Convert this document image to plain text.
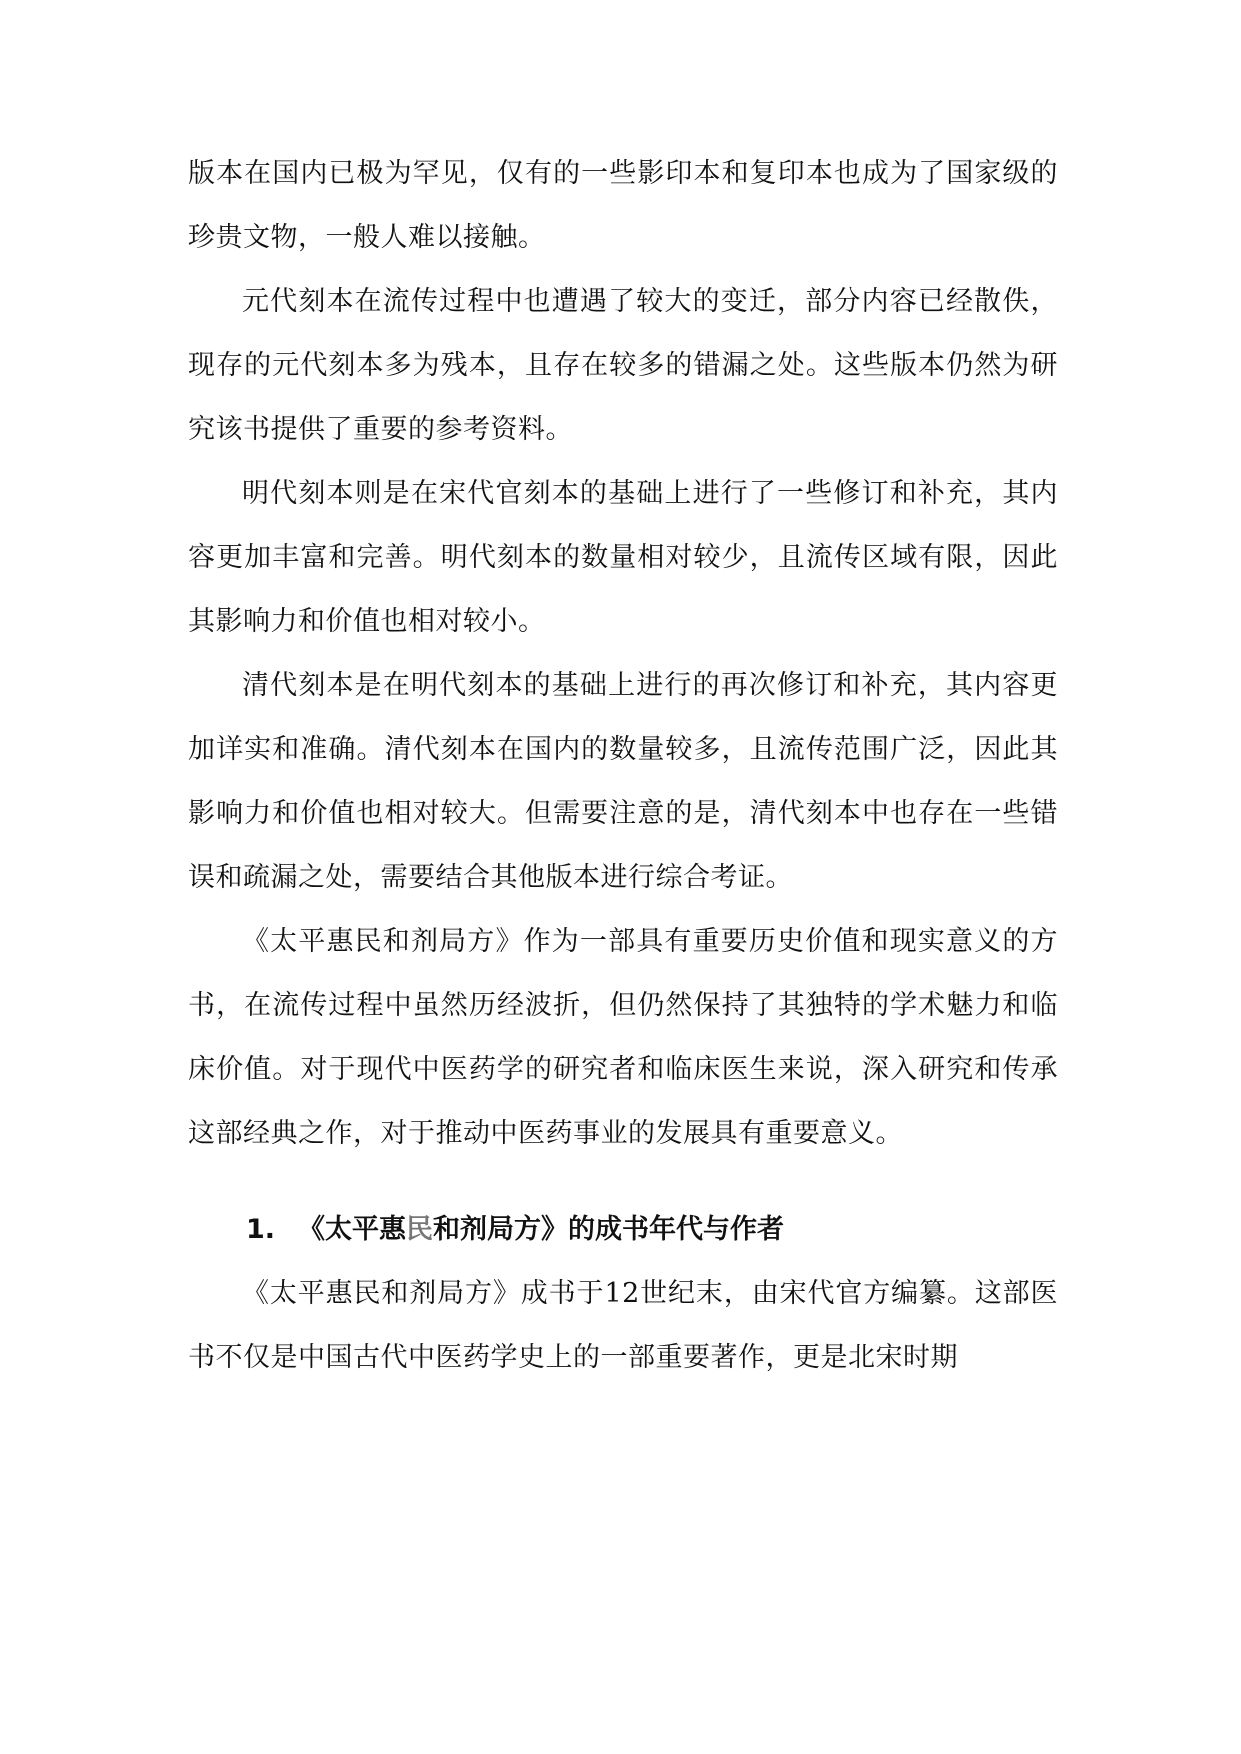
版本在国内已极为罕见，仅有的一些影印本和复印本也成为了国家级的珍贵文物，一般人难以接触。

元代刻本在流传过程中也遭遇了较大的变迁，部分内容已经散佚，现存的元代刻本多为残本，且存在较多的错漏之处。这些版本仍然为研究该书提供了重要的参考资料。

明代刻本则是在宋代官刻本的基础上进行了一些修订和补充，其内容更加丰富和完善。明代刻本的数量相对较少，且流传区域有限，因此其影响力和价值也相对较小。

清代刻本是在明代刻本的基础上进行的再次修订和补充，其内容更加详实和准确。清代刻本在国内的数量较多，且流传范围广泛，因此其影响力和价值也相对较大。但需要注意的是，清代刻本中也存在一些错误和疏漏之处，需要结合其他版本进行综合考证。

《太平惠民和剂局方》作为一部具有重要历史价值和现实意义的方书，在流传过程中虽然历经波折，但仍然保持了其独特的学术魅力和临床价值。对于现代中医药学的研究者和临床医生来说，深入研究和传承这部经典之作，对于推动中医药事业的发展具有重要意义。

1. 《太平惠民和剂局方》的成书年代与作者

《太平惠民和剂局方》成书于12世纪末，由宋代官方编纂。这部医书不仅是中国古代中医药学史上的一部重要著作，更是北宋时期
